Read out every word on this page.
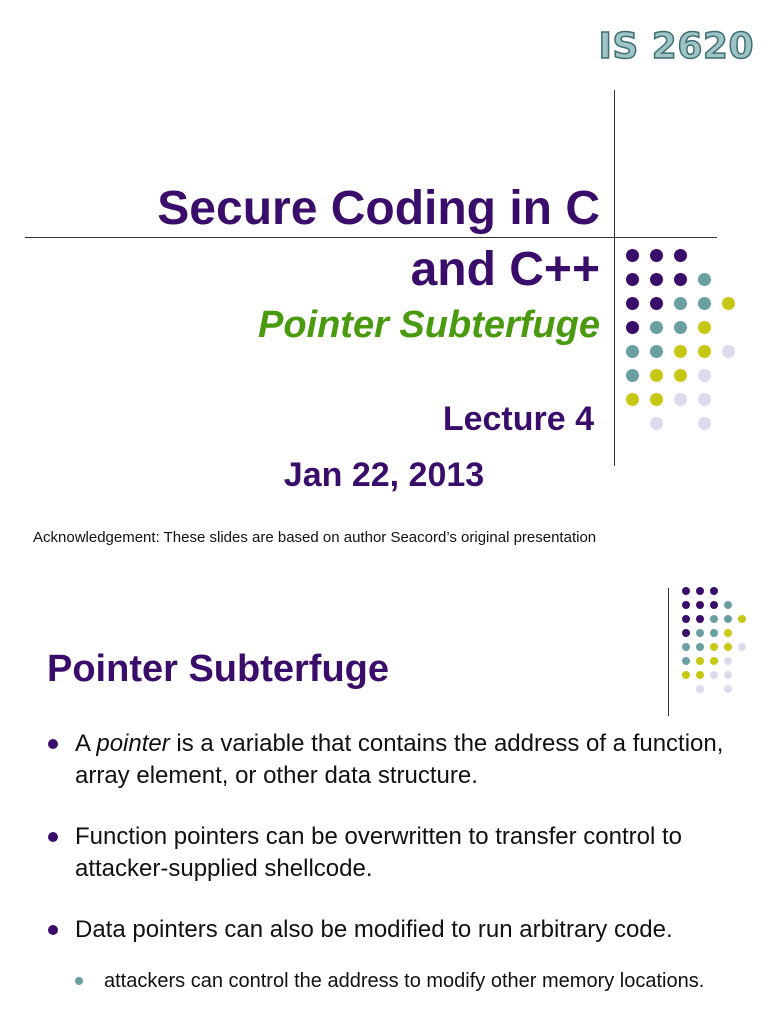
IS 2620
Secure Coding in C
and C++

Pointer Subterfuge

Lecture 4

Jan 22, 2013

Acknowledgement: These slides are based on author Seacord’s original presentation

Pointer Subterfuge
A pointer is a variable that contains the address of a function, array element, or other data structure.
Function pointers can be overwritten to transfer control to attacker-supplied shellcode.
Data pointers can also be modified to run arbitrary code.
attackers can control the address to modify other memory locations.
